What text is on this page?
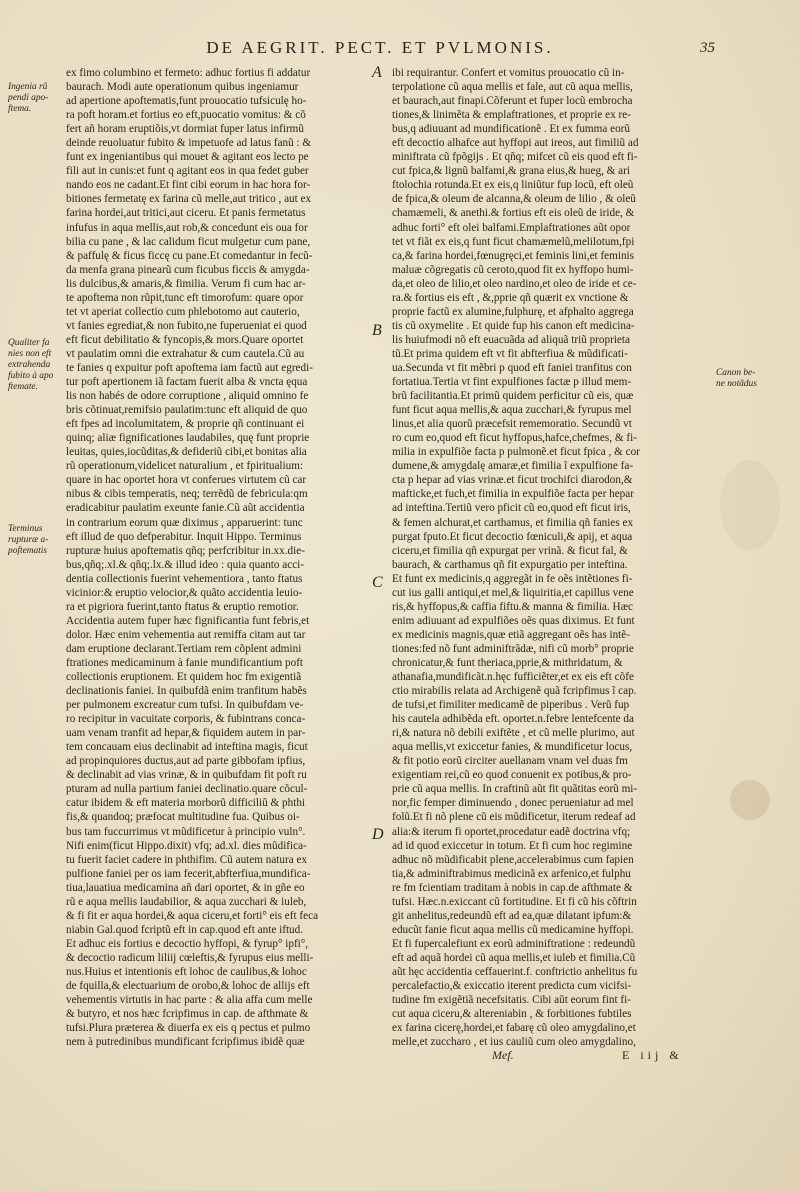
DE AEGRIT. PECT. ET PVLMONIS.	35
ex fimo columbino et fermeto: adhuc fortius fi addatur
baurach. Modi aute operationum quibus ingeniamur
ad apertione apoftematis,funt prouocatio tufsiculę ho-
ra poft horam.et fortius eo eft,puocatio vomitus: & cõ
fert añ horam eruptiõis,vt dormiat fuper latus infirmũ
deinde reuoluatur fubito & impetuofe ad latus fanũ : &
funt ex ingeniantibus qui mouet & agitant eos lecto pe
fili aut in cunis:et funt q agitant eos in qua fedet guber
nando eos ne cadant.Et fint cibi eorum in hac hora for-
bitiones fermetatę ex farina cũ melle,aut tritico , aut ex
farina hordei,aut tritici,aut ciceru. Et panis fermetatus
infufus in aqua mellis,aut rob,& concedunt eis oua for
bilia cu pane , & lac calidum ficut mulgetur cum pane,
& paffulę & ficus ficcę cu pane.Et comedantur in fecũ-
da menfa grana pinearũ cum ficubus ficcis & amygda-
lis dulcibus,& amaris,& fimilia. Verum fi cum hac ar-
te apoftema non rũpit,tunc eft timorofum: quare opor
tet vt aperiat collectio cum phlebotomo aut cauterio,
vt fanies egrediat,& non fubito,ne fuperueniat ei quod
eft ficut debilitatio & fyncopis,& mors.Quare oportet
vt paulatim omni die extrahatur & cum cautela.Cũ au
te fanies q expuitur poft apoftema iam factũ aut egredi-
tur poft apertionem iã factam fuerit alba & vncta ęqua
lis non habés de odore corruptione , aliquid omnino fe
bris cõtinuat,remifsio paulatim:tunc eft aliquid de quo
eft fpes ad incolumitatem, & proprie qñ continuant ei
quinq; aliæ fignificationes laudabiles, quę funt proprie
leuitas, quies,iocũditas,& defideriũ cibi,et bonitas alia
rũ operationum,videlicet naturalium , et fpiritualium:
quare in hac oportet hora vt conferues virtutem cũ car
nibus & cibis temperatis, neq; terrẽdũ de febricula:qm
eradicabitur paulatim exeunte fanie.Cũ aũt accidentia
in contrarium eorum quæ diximus , apparuerint: tunc
eft illud de quo defperabitur. Inquit Hippo. Terminus
rupturæ huius apoftematis qñq; perfcribitur in.xx.die-
bus,qñq;.xl.& qñq;.lx.& illud ideo : quia quanto acci-
dentia collectionis fuerint vehementiora , tanto ftatus
vicinior:& eruptio velocior,& quãto accidentia leuio-
ra et pigriora fuerint,tanto ftatus & eruptio remotior.
Accidentia autem fuper hæc fignificantia funt febris,et
dolor. Hæc enim vehementia aut remiffa citam aut tar
dam eruptione declarant.Tertiam rem cõplent admini
ftrationes medicaminum à fanie mundificantium poft
collectionis eruptionem. Et quidem hoc fm exigentiã
declinationis faniei. In quibufdã enim tranfitum habẽs
per pulmonem excreatur cum tufsi. In quibufdam ve-
ro recipitur in vacuitate corporis, & fubintrans conca-
uam venam tranfit ad hepar,& fiquidem autem in par-
tem concauam eius declinabit ad inteftina magis, ficut
ad propinquiores ductus,aut ad parte gibbofam ipfius,
& declinabit ad vias vrinæ, & in quibufdam fit poft ru
pturam ad nulla partium faniei declinatio.quare cõcul-
catur ibidem & eft materia morborũ difficiliũ & phthi
fis,& quandoq; præfocat multitudine fua. Quibus oi-
bus tam fuccurrimus vt mũdificetur à principio vuln°.
Nifi enim(ficut Hippo.dixit) vfq; ad.xl. dies mũdifica-
tu fuerit faciet cadere in phthifim. Cũ autem natura ex
pulfione faniei per os iam fecerit,abfterfiua,mundifica-
tiua,lauatiua medicamina añ dari oportet, & in gñe eo
rũ e aqua mellis laudabilior, & aqua zucchari & iuleb,
& fi fit er aqua hordei,& aqua ciceru,et forti° eis eft feca
niabin Gal.quod fcriptũ eft in cap.quod eft ante iftud.
Et adhuc eis fortius e decoctio hyffopi, & fyrup° ipfi°,
& decoctio radicum liliij cœleftis,& fyrupus eius melli-
nus.Huius et intentionis eft lohoc de caulibus,& lohoc
de fquilla,& electuarium de orobo,& lohoc de allijs eft
vehementis virtutis in hac parte : & alia affa cum melle
& butyro, et nos hæc fcripfimus in cap. de afthmate &
tufsi.Plura præterea & diuerfa ex eis q pectus et pulmo
nem à putredinibus mundificant fcripfimus ibidẽ quæ
ibi requirantur. Confert et vomitus prouocatio cũ in-
terpolatione cũ aqua mellis et fale, aut cũ aqua mellis,
et baurach,aut finapi.Cõferunt et fuper locũ embrocha
tiones,& linimẽta & emplaftrationes, et proprie ex re-
bus,q adiuuant ad mundificationẽ . Et ex fumma eorũ
eft decoctio alhafce aut hyffopi aut ireos, aut fimiliũ ad
miniftrata cũ fpõgijs . Et qñq; mifcet cũ eis quod eft fi-
cut fpica,& lignũ balfami,& grana eius,& hueg, & ari
ftolochia rotunda.Et ex eis,q liniũtur fup locũ, eft oleũ
de fpica,& oleum de alcanna,& oleum de lilio , & oleũ
chamæmeli, & anethi.& fortius eft eis oleũ de iride, &
adhuc forti° eft olei balfami.Emplaftrationes aũt opor
tet vt fiãt ex eis,q funt ficut chamæmelũ,melilotum,fpi
ca,& farina hordei,fœnugręci,et feminis lini,et feminis
maluæ cõgregatis cũ ceroto,quod fit ex hyffopo humi-
da,et oleo de lilio,et oleo nardino,et oleo de iride et ce-
ra.& fortius eis eft , &,pprie qñ quærit ex vnctione &
proprie factũ ex alumine,fulphurę, et afphalto aggrega
tis cũ oxymelite . Et quide fup his canon eft medicina-
lis huiufmodi nõ eft euacuãda ad aliquã triũ proprieta
tũ.Et prima quidem eft vt fit abfterfiua & mũdificati-
ua.Secunda vt fit mẽbri p quod eft faniei tranfitus con
fortatiua.Tertia vt fint expulfiones factæ p illud mem-
brũ facilitantia.Et primũ quidem perficitur cũ eis, quæ
funt ficut aqua mellis,& aqua zucchari,& fyrupus mel
linus,et alia quorũ præcefsit rememoratio. Secundũ vt
ro cum eo,quod eft ficut hyffopus,hafce,chefmes, & fi-
milia in expulfiõe facta p pulmonẽ.et ficut fpica , & cor
dumene,& amygdalę amaræ,et fimilia ĩ expulfione fa-
cta p hepar ad vias vrinæ.et ficut trochifci diarodon,&
mafticke,et fuch,et fimilia in expulfiõe facta per hepar
ad inteftina.Tertiũ vero pficit cũ eo,quod eft ficut iris,
& femen alchurat,et carthamus, et fimilia qñ fanies ex
purgat fputo.Et ficut decoctio fœniculi,& apij, et aqua
ciceru,et fimilia qñ expurgat per vrinã. & ficut fal, &
baurach, & carthamus qñ fit expurgatio per inteftina.
Et funt ex medicinis,q aggregãt in fe oẽs intẽtiones fi-
cut ius galli antiqui,et mel,& liquiritia,et capillus vene
ris,& hyffopus,& caffia fiftu.& manna & fimilia. Hæc
enim adiuuant ad expulfiões oẽs quas diximus. Et funt
ex medicinis magnis,quæ etiã aggregant oẽs has intẽ-
tiones:fed nõ funt adminiftrãdæ, nifi cũ morb° proprie
chronicatur,& funt theriaca,pprie,& mithridatum, &
athanafia,mundificãt.n.hęc fufficiẽter,et ex eis eft cõfe
ctio mirabilis relata ad Archigenẽ quã fcripfimus ĩ cap.
de tufsi,et fimiliter medicamẽ de piperibus . Verũ fup
his cautela adhibẽda eft. oportet.n.febre lentefcente da
ri,& natura nõ debili exiftẽte , et cũ melle plurimo, aut
aqua mellis,vt exiccetur fanies, & mundificetur locus,
& fit potio eorũ circiter auellanam vnam vel duas fm
exigentiam rei,cũ eo quod conuenit ex potibus,& pro-
prie cũ aqua mellis. In craftinũ aũt fit quãtitas eorũ mi-
nor,fic femper diminuendo , donec perueniatur ad mel
folũ.Et fi nõ plene cũ eis mũdificetur, iterum redeaf ad
alia:& iterum fi oportet,procedatur eadẽ doctrina vfq;
ad id quod exiccetur in totum. Et fi cum hoc regimine
adhuc nõ mũdificabit plene,accelerabimus cum fapien
tia,& adminiftrabimus medicinã ex arfenico,et fulphu
re fm fcientiam traditam à nobis in cap.de afthmate &
tufsi. Hæc.n.exiccant cũ fortitudine. Et fi cũ his cõftrin
git anhelitus,redeundũ eft ad ea,quæ dilatant ipfum:&
educũt fanie ficut aqua mellis cũ medicamine hyffopi.
Et fi fupercalefiunt ex eorũ adminiftratione : redeundũ
eft ad aquã hordei cũ aqua mellis,et iuleb et fimilia.Cũ
aũt hęc accidentia ceffauerint.f. conftrictio anhelitus fu
percalefactio,& exiccatio iterent predicta cum vicifsi-
tudine fm exigẽtiã necefsitatis. Cibi aũt eorum fint fi-
cut aqua ciceru,& altereniabin , & forbitiones fubtiles
ex farina cicerę,hordei,et fabarę cũ oleo amygdalino,et
melle,et zuccharo , et ius cauliũ cum oleo amygdalino,
Ingenia rũ
pendi apo-
ftema.
Qualiter fa
nies non eft
extrahenda
fubito à apo
ftemate.
Terminus
rupturæ a-
poftematis
Canon be-
ne notãdus
A
B
C
D
Mef.	E iij &
